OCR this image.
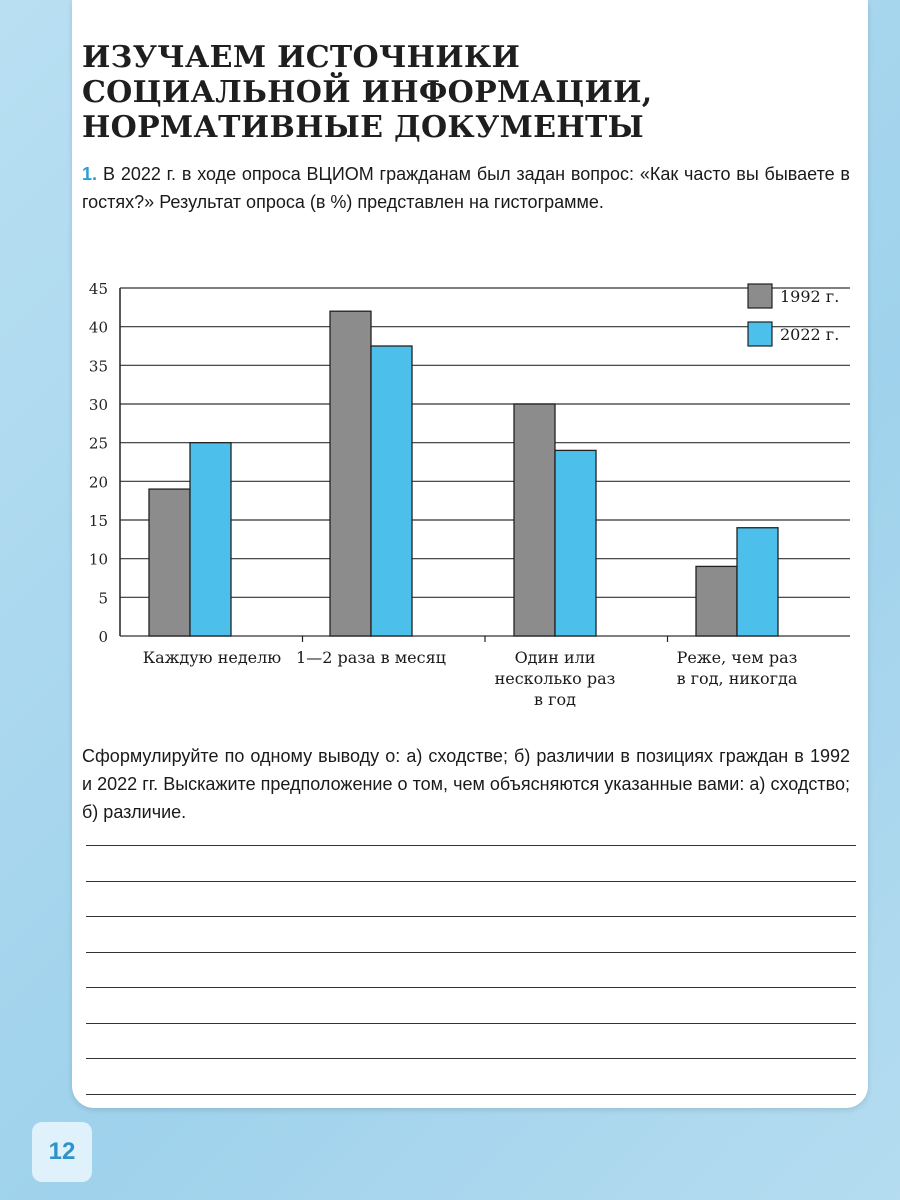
ИЗУЧАЕМ ИСТОЧНИКИ
СОЦИАЛЬНОЙ ИНФОРМАЦИИ,
НОРМАТИВНЫЕ ДОКУМЕНТЫ

1. В 2022 г. в ходе опроса ВЦИОМ гражданам был задан вопрос: «Как часто вы бываете в гостях?» Результат опроса (в %) представлен на гистограмме.

0
5
10
15
20
25
30
35
40
45
Каждую неделю 1—2 раза в месяц	Один или
несколько раз
в год
Реже, чем раз
в год, никогда
1992 г.
2022 г.

Сформулируйте по одному выводу о: а) сходстве; б) различии в позициях граждан в 1992 и 2022 гг. Выскажите предположение о том, чем объясняются указанные вами: а) сходство; б) различие.

12
